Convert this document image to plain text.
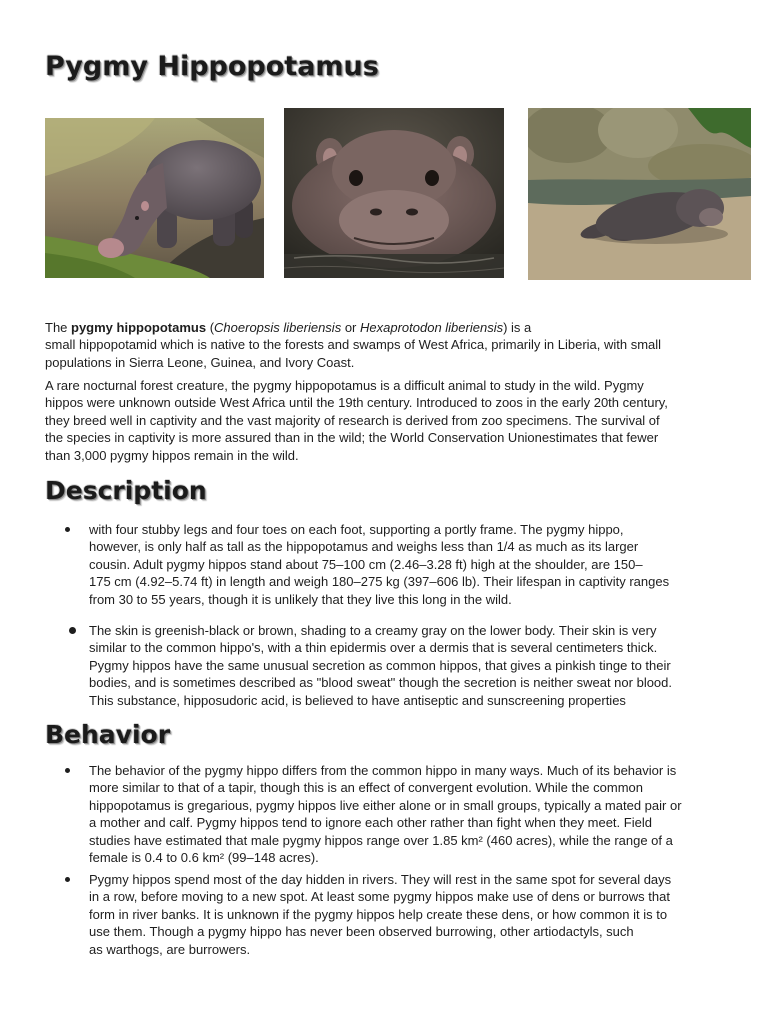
Pygmy Hippopotamus
The pygmy hippopotamus (Choeropsis liberiensis or Hexaprotodon liberiensis) is a
small hippopotamid which is native to the forests and swamps of West Africa, primarily in Liberia, with small
populations in Sierra Leone, Guinea, and Ivory Coast.
A rare nocturnal forest creature, the pygmy hippopotamus is a difficult animal to study in the wild. Pygmy
hippos were unknown outside West Africa until the 19th century. Introduced to zoos in the early 20th century,
they breed well in captivity and the vast majority of research is derived from zoo specimens. The survival of
the species in captivity is more assured than in the wild; the World Conservation Unionestimates that fewer
than 3,000 pygmy hippos remain in the wild.
Description
with four stubby legs and four toes on each foot, supporting a portly frame. The pygmy hippo,
however, is only half as tall as the hippopotamus and weighs less than 1/4 as much as its larger
cousin. Adult pygmy hippos stand about 75–100 cm (2.46–3.28 ft) high at the shoulder, are 150–
175 cm (4.92–5.74 ft) in length and weigh 180–275 kg (397–606 lb). Their lifespan in captivity ranges
from 30 to 55 years, though it is unlikely that they live this long in the wild.
The skin is greenish-black or brown, shading to a creamy gray on the lower body. Their skin is very
similar to the common hippo's, with a thin epidermis over a dermis that is several centimeters thick.
Pygmy hippos have the same unusual secretion as common hippos, that gives a pinkish tinge to their
bodies, and is sometimes described as "blood sweat" though the secretion is neither sweat nor blood.
This substance, hipposudoric acid, is believed to have antiseptic and sunscreening properties
Behavior
The behavior of the pygmy hippo differs from the common hippo in many ways. Much of its behavior is
more similar to that of a tapir, though this is an effect of convergent evolution. While the common
hippopotamus is gregarious, pygmy hippos live either alone or in small groups, typically a mated pair or
a mother and calf. Pygmy hippos tend to ignore each other rather than fight when they meet. Field
studies have estimated that male pygmy hippos range over 1.85 km² (460 acres), while the range of a
female is 0.4 to 0.6 km² (99–148 acres).
Pygmy hippos spend most of the day hidden in rivers. They will rest in the same spot for several days
in a row, before moving to a new spot. At least some pygmy hippos make use of dens or burrows that
form in river banks. It is unknown if the pygmy hippos help create these dens, or how common it is to
use them. Though a pygmy hippo has never been observed burrowing, other artiodactyls, such
as warthogs, are burrowers.
